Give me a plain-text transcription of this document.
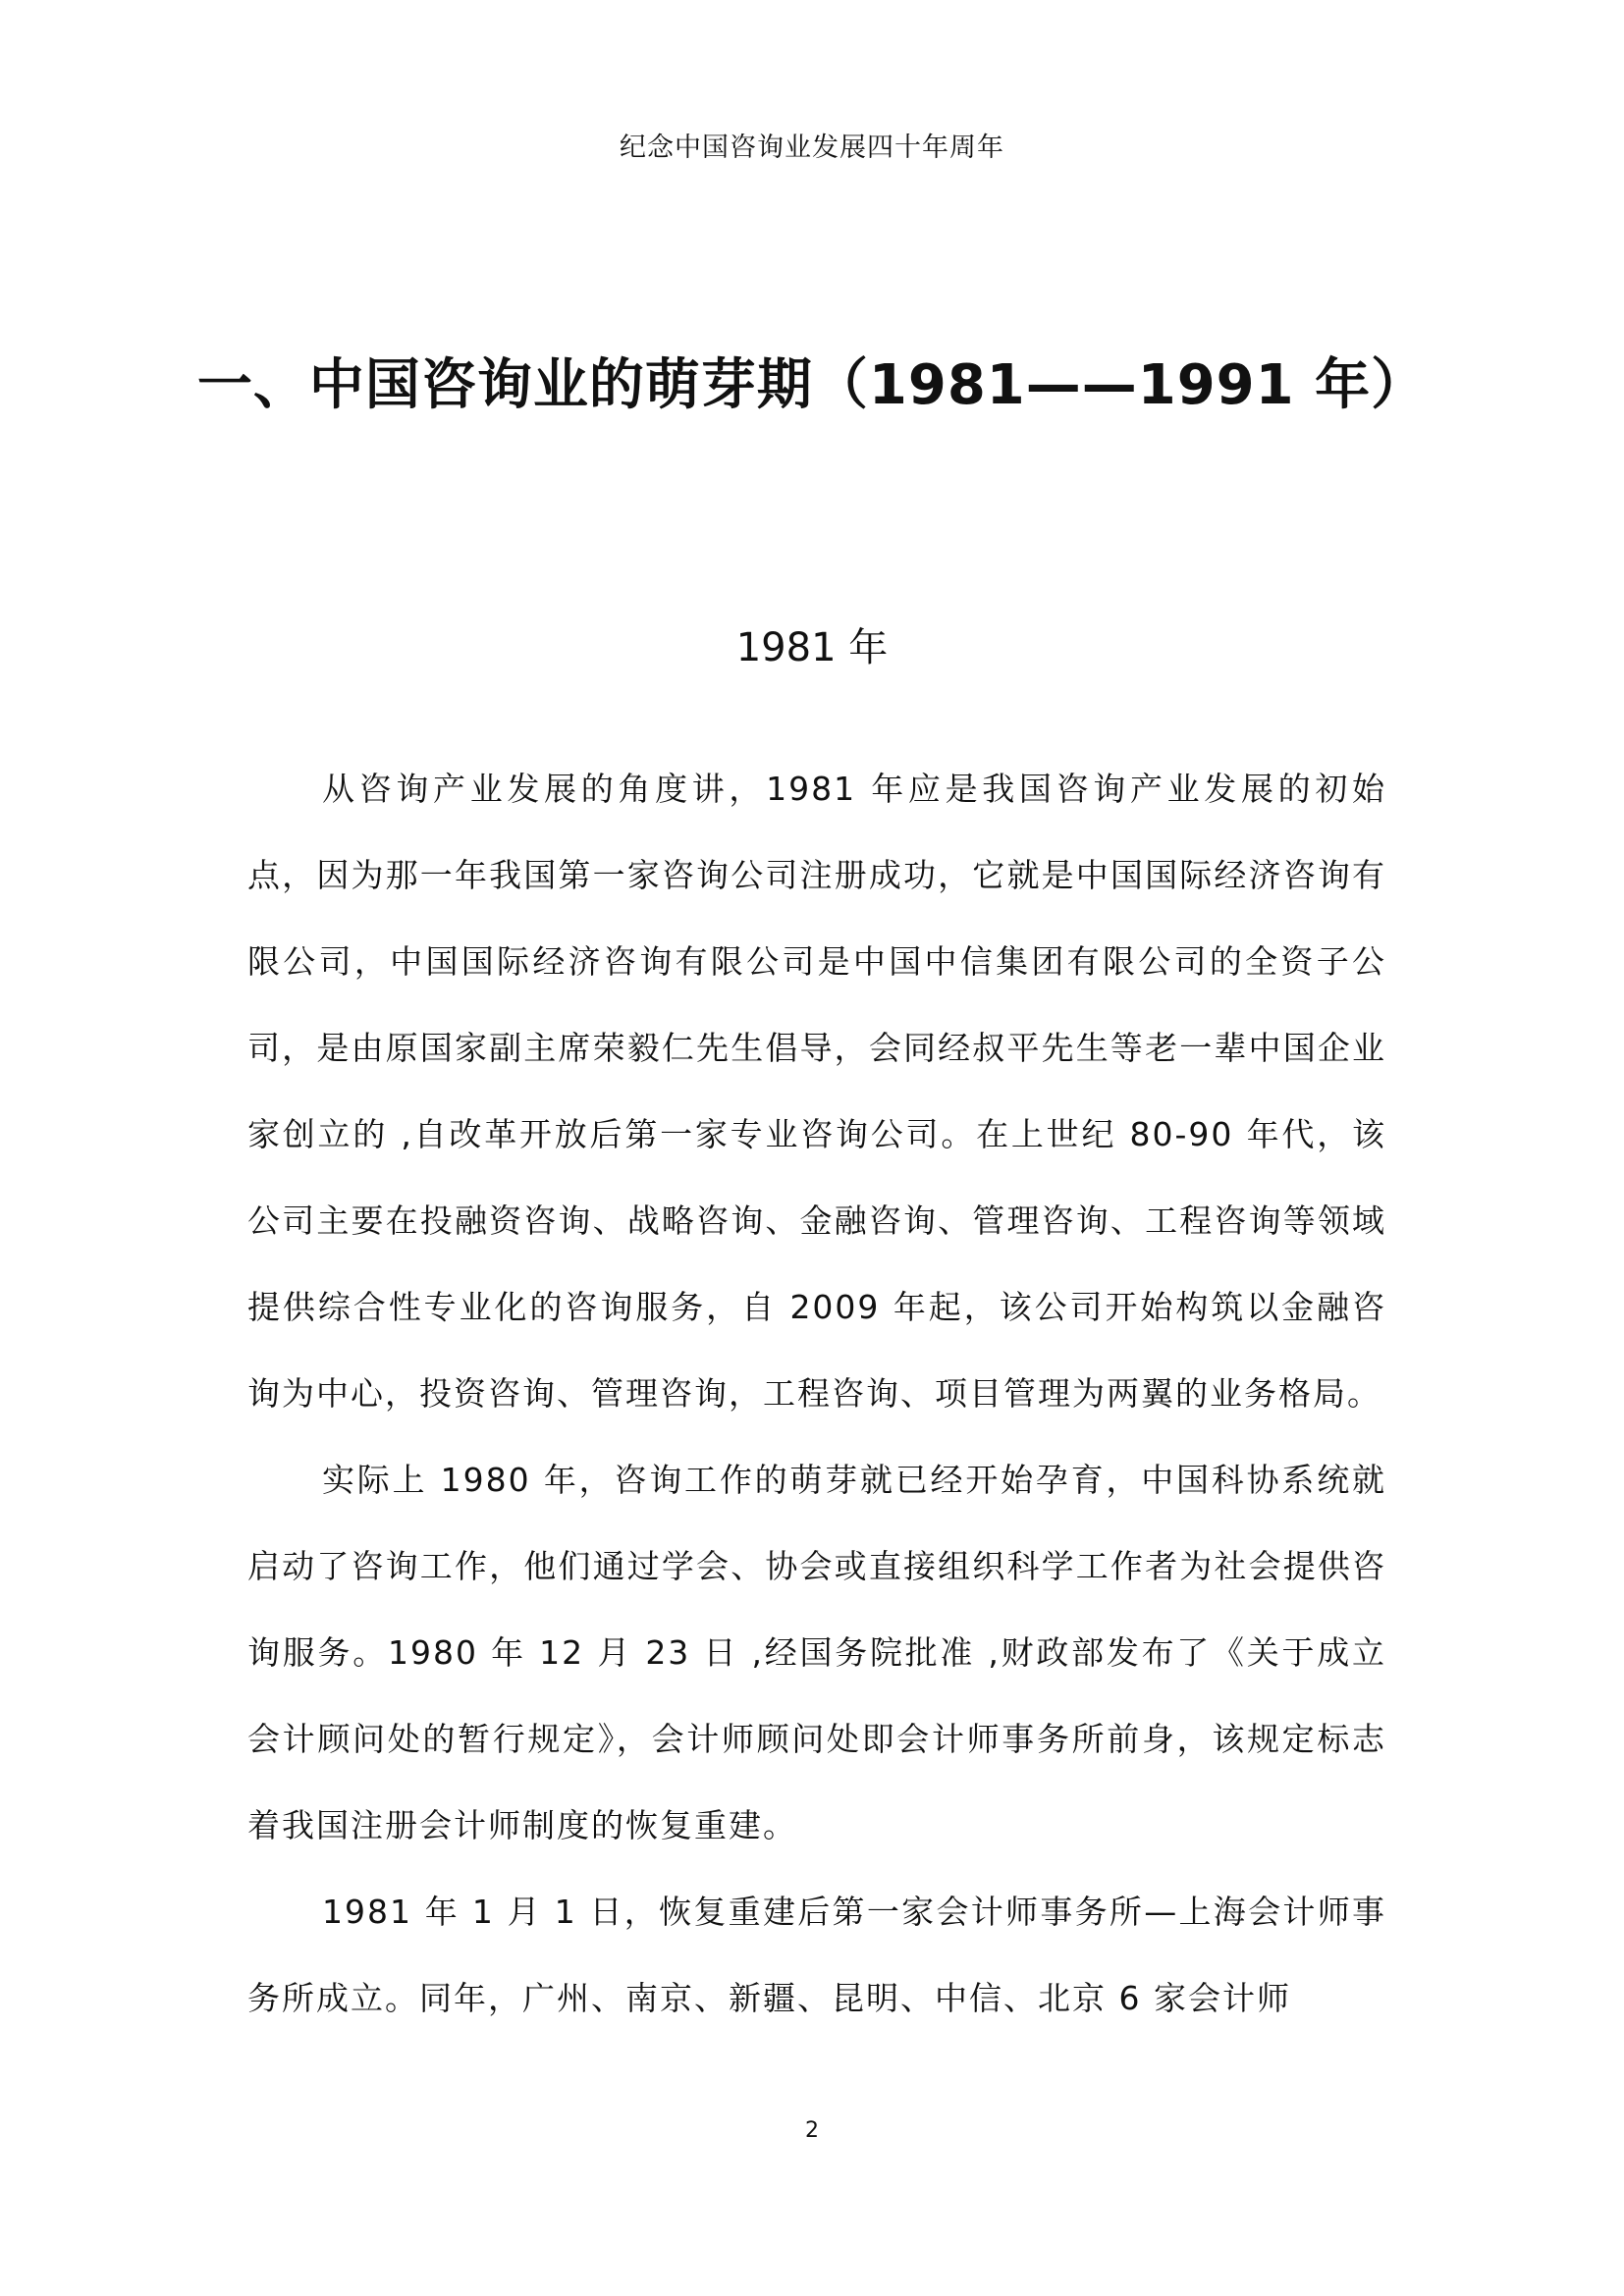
纪念中国咨询业发展四十年周年
一、中国咨询业的萌芽期（1981——1991 年）
1981 年

从咨询产业发展的角度讲，1981 年应是我国咨询产业发展的初始点，因为那一年我国第一家咨询公司注册成功，它就是中国国际经济咨询有限公司，中国国际经济咨询有限公司是中国中信集团有限公司的全资子公司，是由原国家副主席荣毅仁先生倡导，会同经叔平先生等老一辈中国企业家创立的 ,自改革开放后第一家专业咨询公司。在上世纪 80-90 年代，该公司主要在投融资咨询、战略咨询、金融咨询、管理咨询、工程咨询等领域提供综合性专业化的咨询服务，自 2009 年起，该公司开始构筑以金融咨询为中心，投资咨询、管理咨询，工程咨询、项目管理为两翼的业务格局。

实际上 1980 年，咨询工作的萌芽就已经开始孕育，中国科协系统就启动了咨询工作，他们通过学会、协会或直接组织科学工作者为社会提供咨询服务。1980 年 12 月 23 日 ,经国务院批准 ,财政部发布了《关于成立会计顾问处的暂行规定》，会计师顾问处即会计师事务所前身，该规定标志着我国注册会计师制度的恢复重建。

1981 年 1 月 1 日，恢复重建后第一家会计师事务所—上海会计师事务所成立。同年，广州、南京、新疆、昆明、中信、北京 6 家会计师

2
